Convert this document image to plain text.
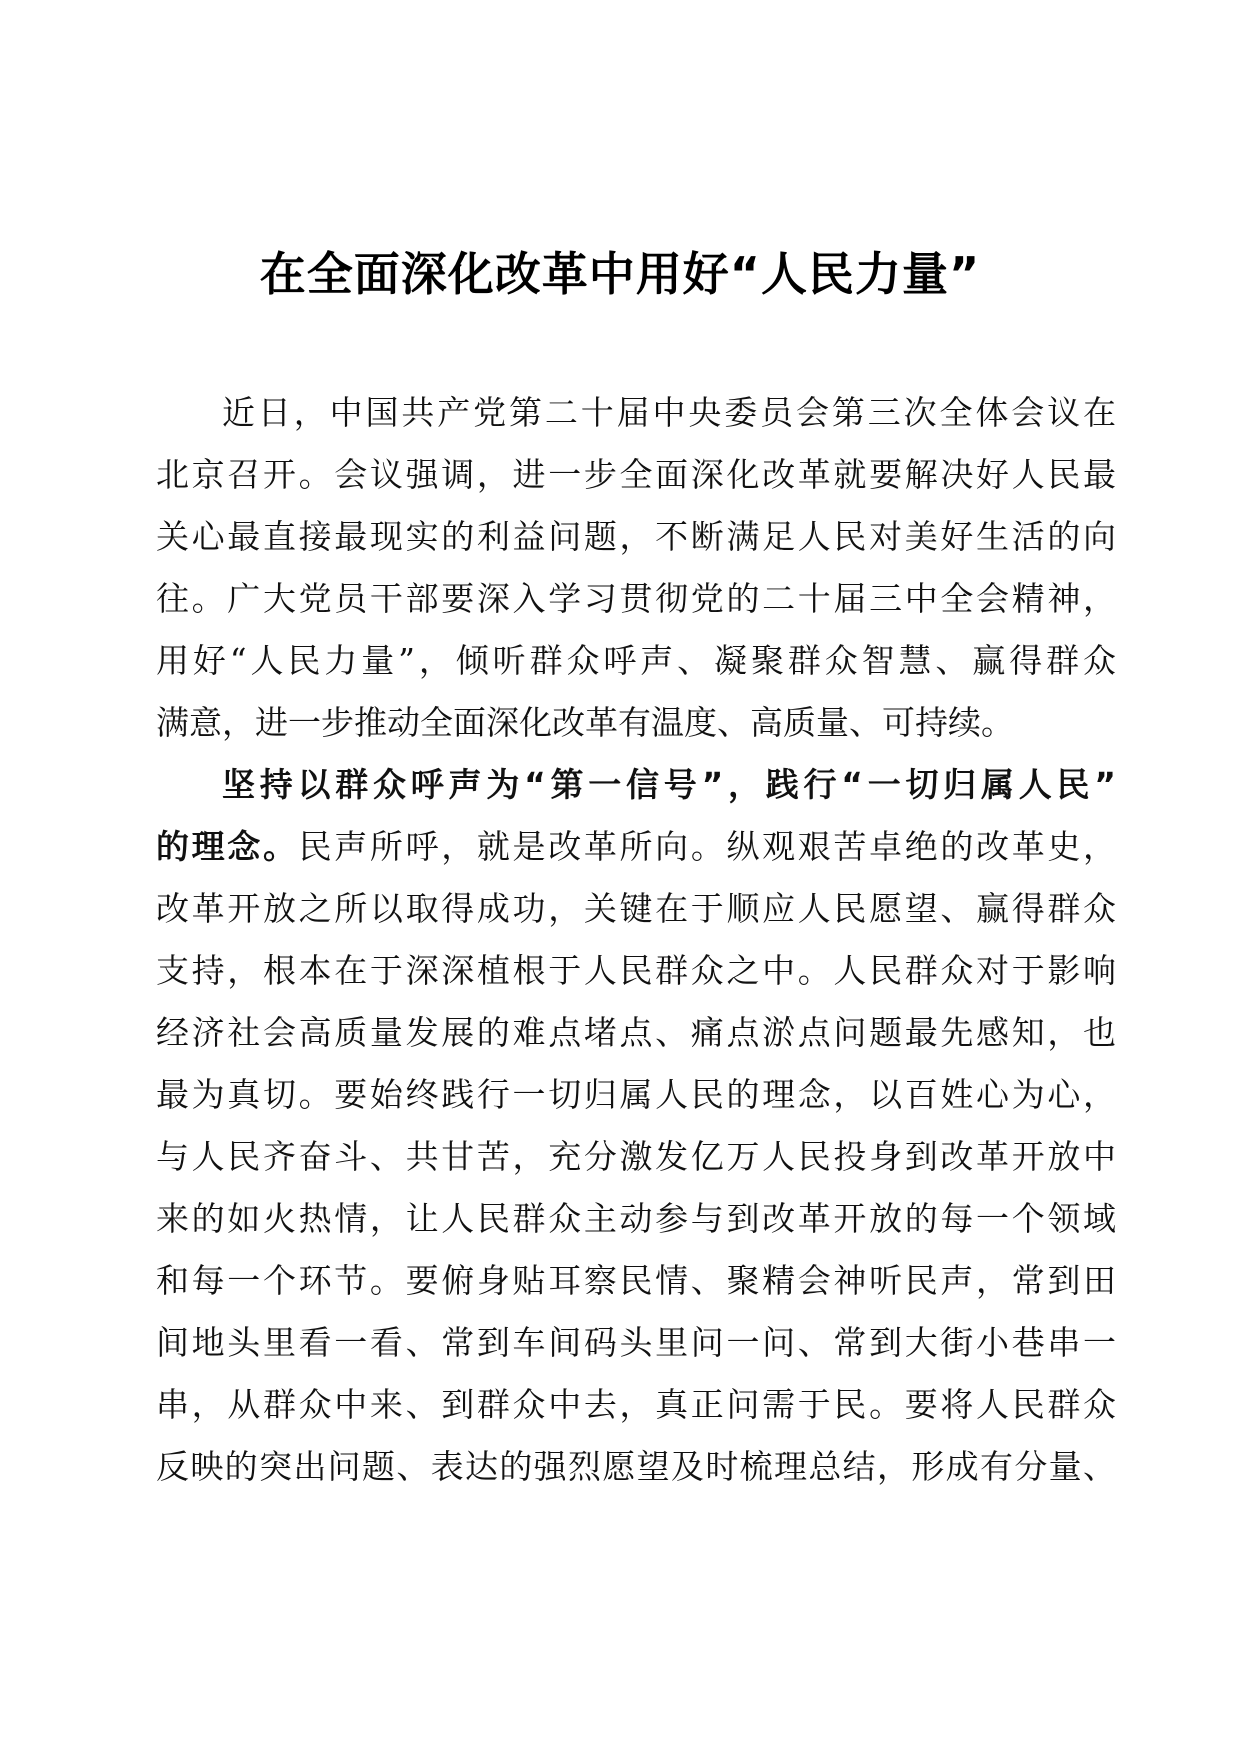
在全面深化改革中用好“人民力量”
近日，中国共产党第二十届中央委员会第三次全体会议在
北京召开。会议强调，进一步全面深化改革就要解决好人民最
关心最直接最现实的利益问题，不断满足人民对美好生活的向
往。广大党员干部要深入学习贯彻党的二十届三中全会精神，
用好“人民力量”，倾听群众呼声、凝聚群众智慧、赢得群众
满意，进一步推动全面深化改革有温度、高质量、可持续。
坚持以群众呼声为“第一信号”，践行“一切归属人民”
的理念。民声所呼，就是改革所向。纵观艰苦卓绝的改革史，
改革开放之所以取得成功，关键在于顺应人民愿望、赢得群众
支持，根本在于深深植根于人民群众之中。人民群众对于影响
经济社会高质量发展的难点堵点、痛点淤点问题最先感知，也
最为真切。要始终践行一切归属人民的理念，以百姓心为心，
与人民齐奋斗、共甘苦，充分激发亿万人民投身到改革开放中
来的如火热情，让人民群众主动参与到改革开放的每一个领域
和每一个环节。要俯身贴耳察民情、聚精会神听民声，常到田
间地头里看一看、常到车间码头里问一问、常到大街小巷串一
串，从群众中来、到群众中去，真正问需于民。要将人民群众
反映的突出问题、表达的强烈愿望及时梳理总结，形成有分量、
